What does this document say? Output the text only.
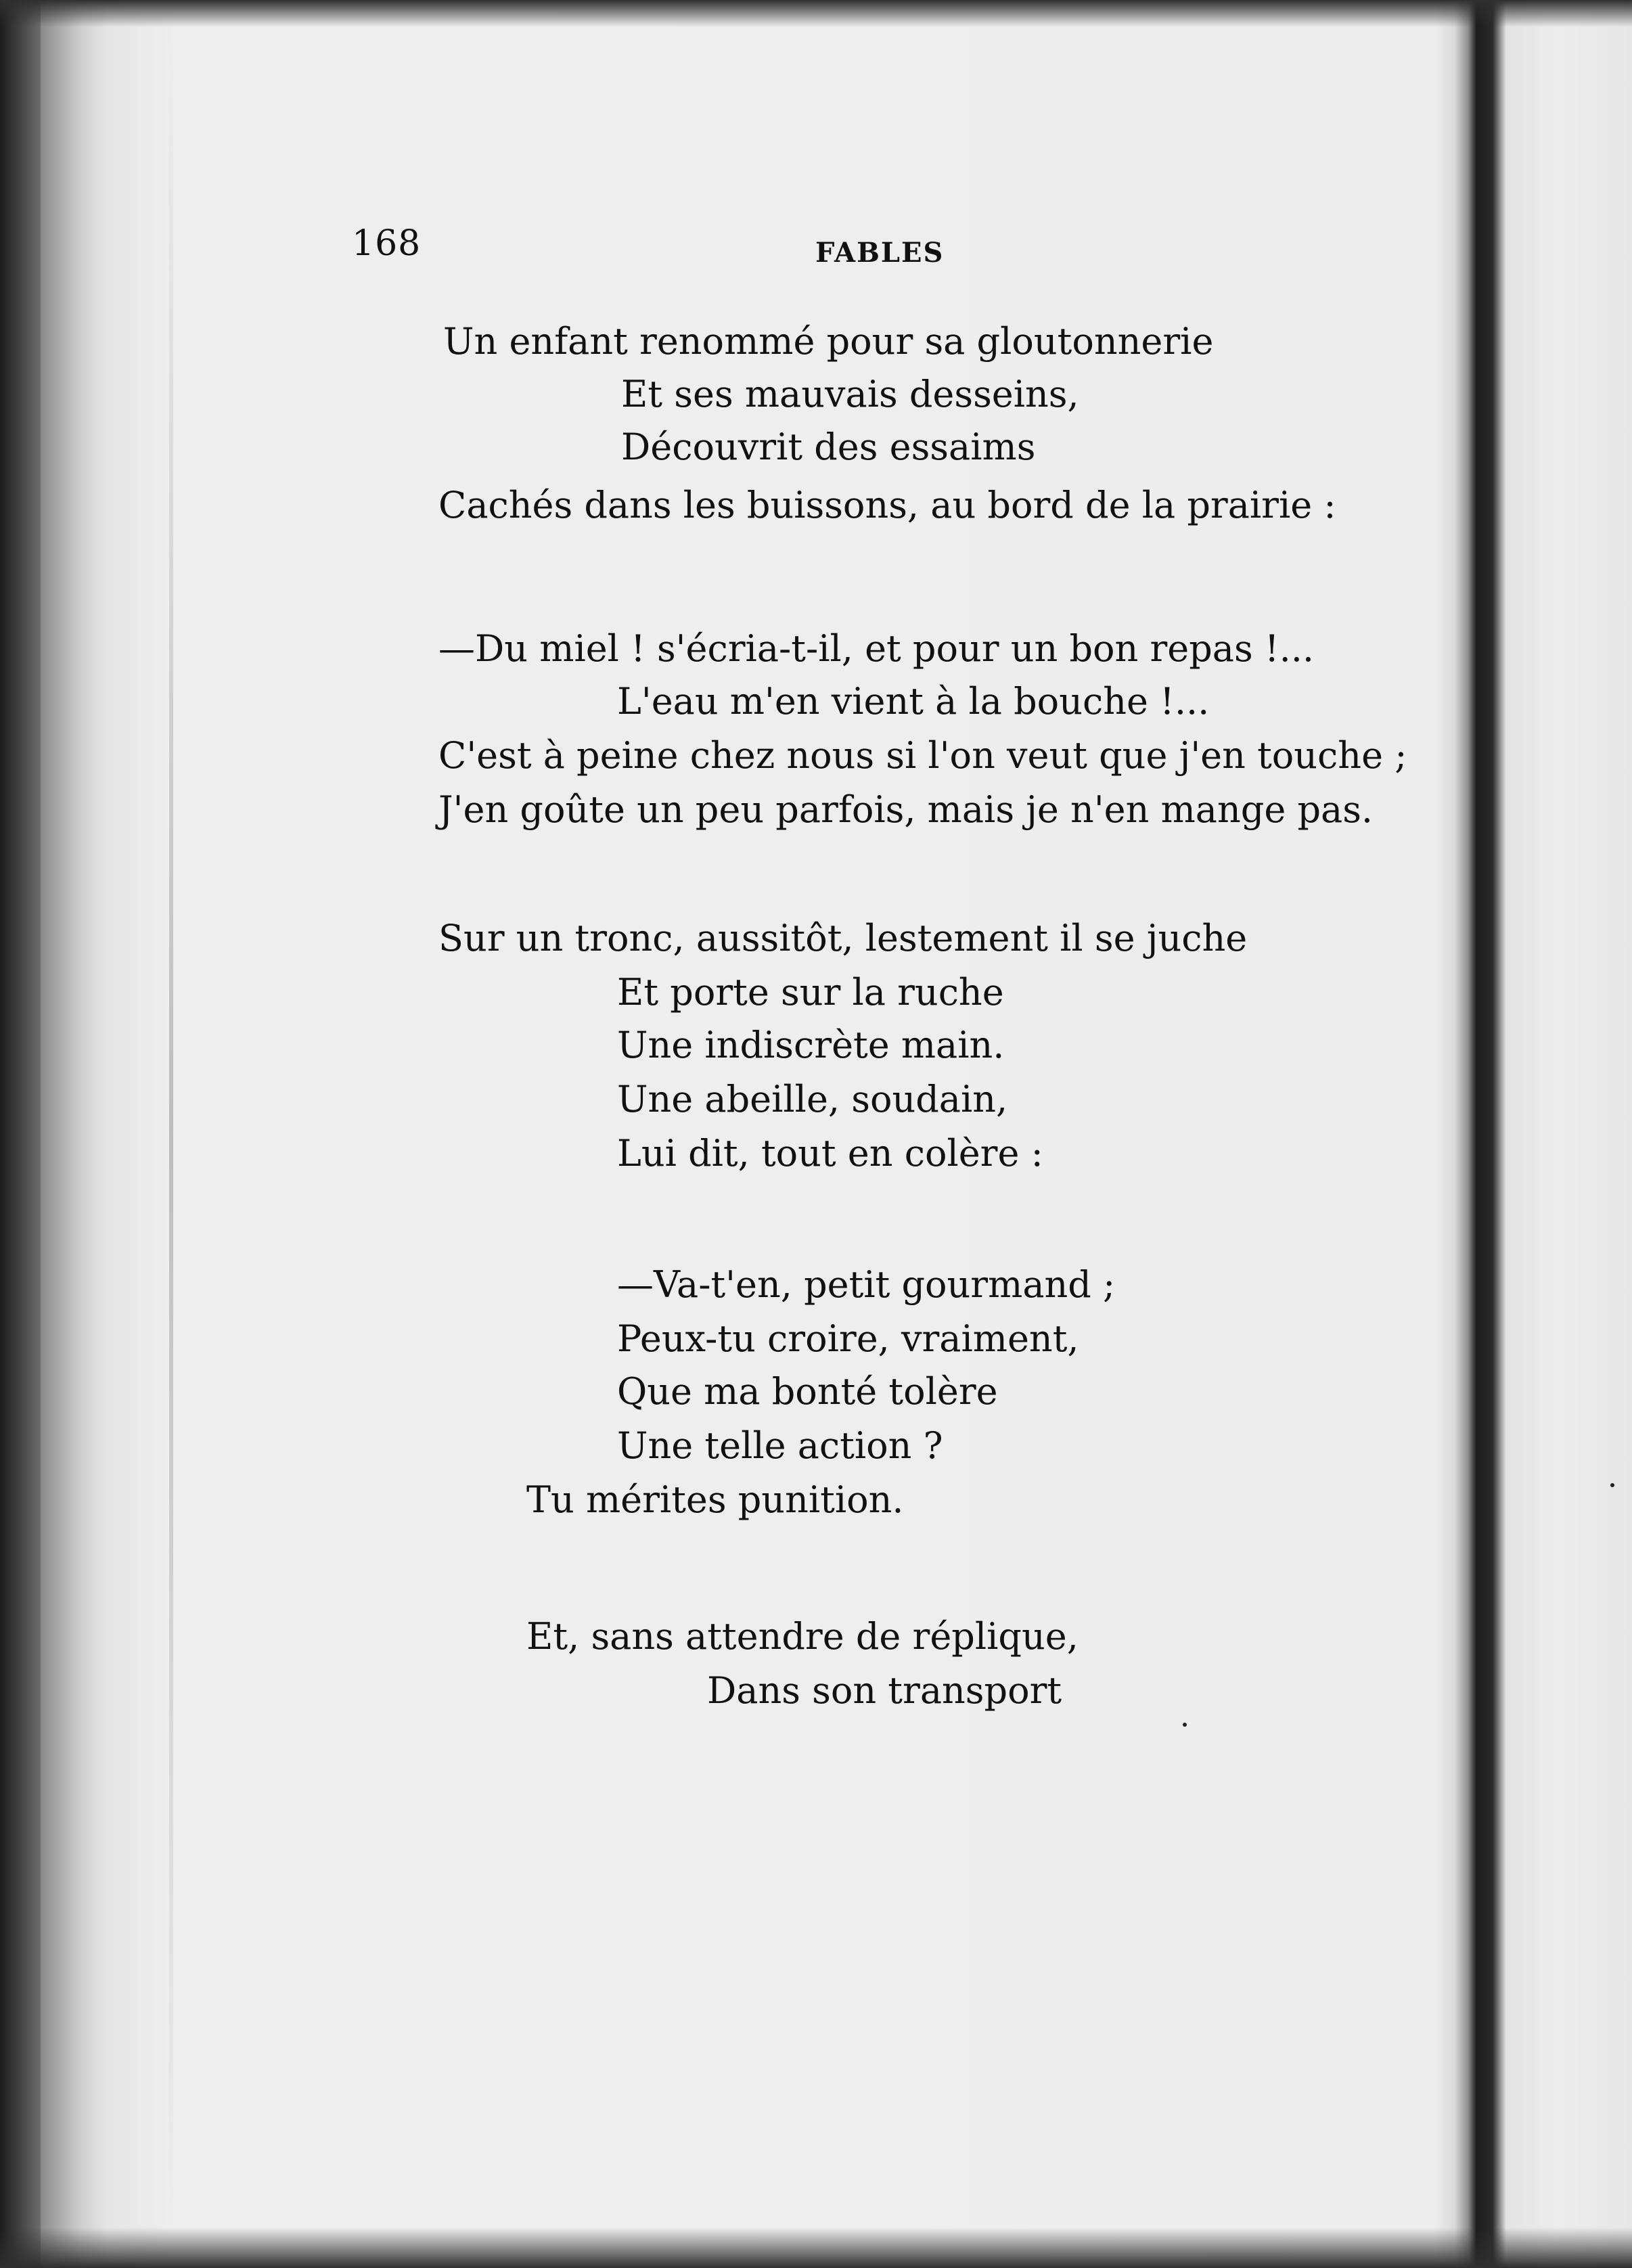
168	FABLES
Un enfant renommé pour sa gloutonnerie
Et ses mauvais desseins,
Découvrit des essaims
Cachés dans les buissons, au bord de la prairie :
—Du miel ! s'écria-t-il, et pour un bon repas !...
L'eau m'en vient à la bouche !...
C'est à peine chez nous si l'on veut que j'en touche ;
J'en goûte un peu parfois, mais je n'en mange pas.
Sur un tronc, aussitôt, lestement il se juche
Et porte sur la ruche
Une indiscrète main.
Une abeille, soudain,
Lui dit, tout en colère :
—Va-t'en, petit gourmand ;
Peux-tu croire, vraiment,
Que ma bonté tolère
Une telle action ?
Tu mérites punition.
Et, sans attendre de réplique,
Dans son transport
